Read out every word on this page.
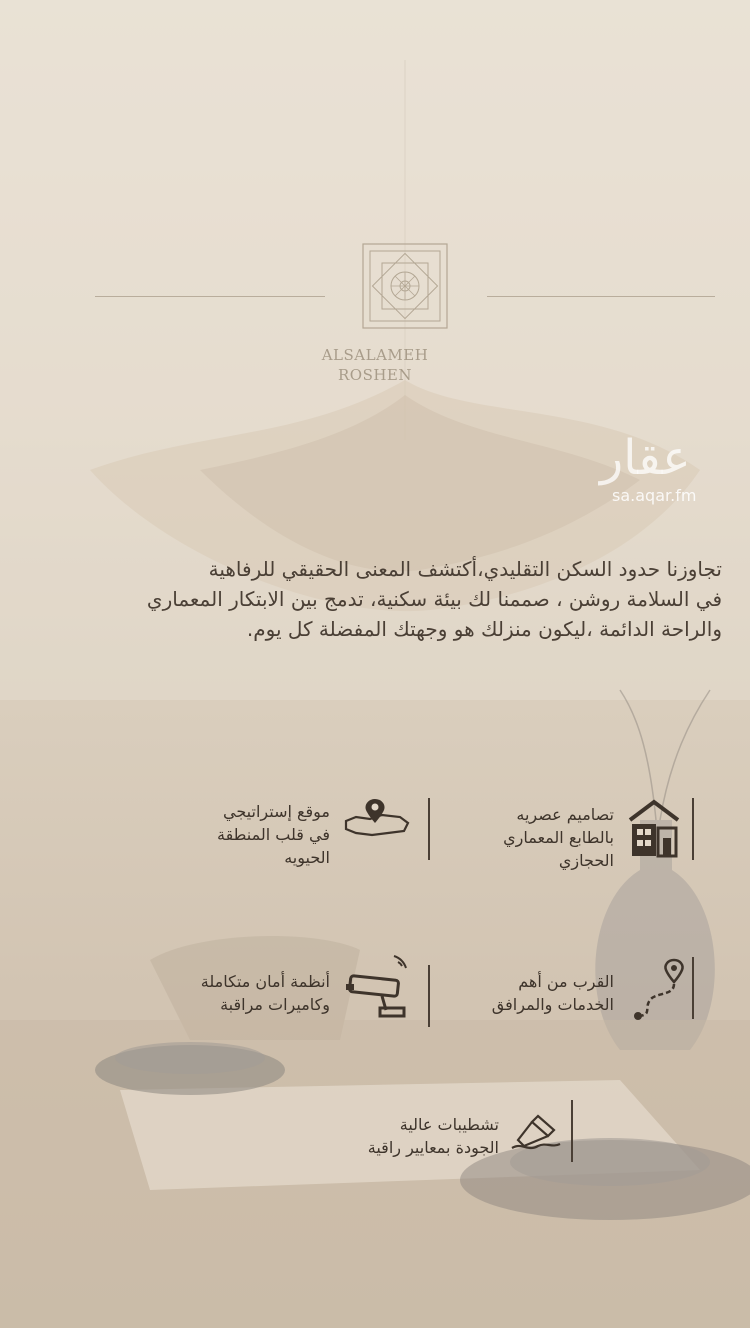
ALSALAMEH
ROSHEN
عقار
sa.aqar.fm
تجاوزنا حدود السكن التقليدي،أكتشف المعنى الحقيقي للرفاهية
في السلامة روشن ، صممنا لك بيئة سكنية، تدمج بين الابتكار المعماري
والراحة الدائمة ،ليكون منزلك هو وجهتك المفضلة كل يوم.
تصاميم عصريه
بالطابع المعماري
الحجازي
موقع إستراتيجي
في قلب المنطقة
الحيويه
القرب من أهم
الخدمات والمرافق
أنظمة أمان متكاملة
وكاميرات مراقبة
تشطيبات عالية
الجودة بمعايير راقية
